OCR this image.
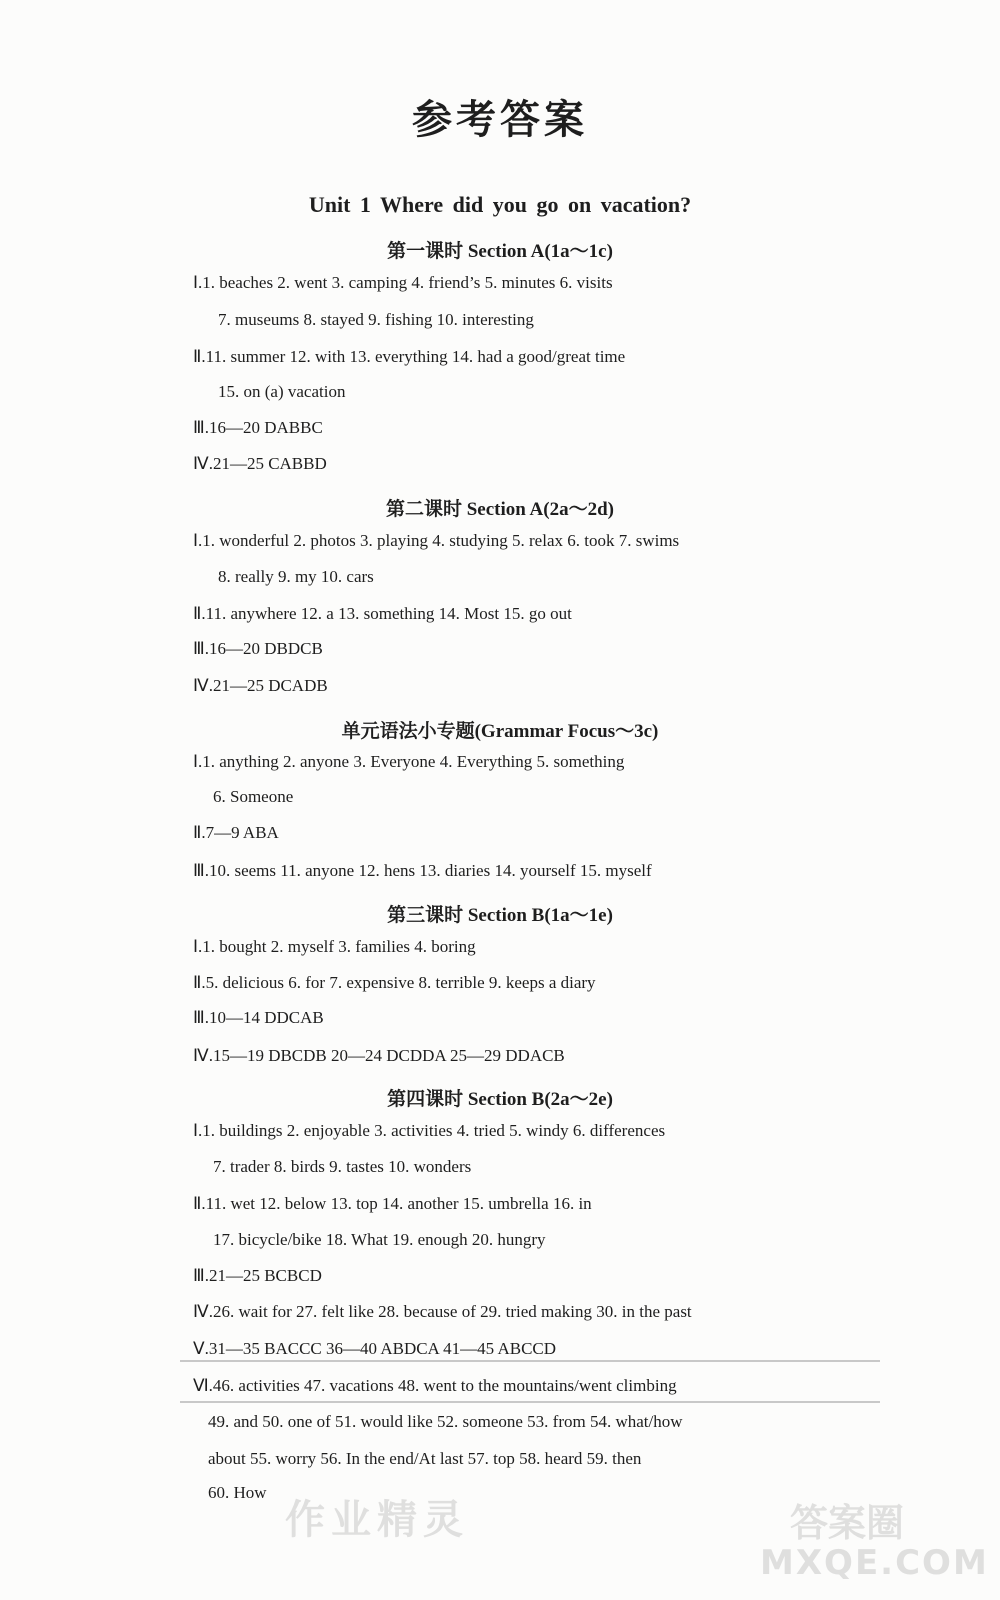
参考答案
Unit 1 Where did you go on vacation?
第一课时 Section A(1a～1c)
Ⅰ.1. beaches 2. went 3. camping 4. friend’s 5. minutes 6. visits
7. museums 8. stayed 9. fishing 10. interesting
Ⅱ.11. summer 12. with 13. everything 14. had a good/great time
15. on (a) vacation
Ⅲ.16—20 DABBC
Ⅳ.21—25 CABBD
第二课时 Section A(2a～2d)
Ⅰ.1. wonderful 2. photos 3. playing 4. studying 5. relax 6. took 7. swims
8. really 9. my 10. cars
Ⅱ.11. anywhere 12. a 13. something 14. Most 15. go out
Ⅲ.16—20 DBDCB
Ⅳ.21—25 DCADB
单元语法小专题(Grammar Focus～3c)
Ⅰ.1. anything 2. anyone 3. Everyone 4. Everything 5. something
6. Someone
Ⅱ.7—9 ABA
Ⅲ.10. seems 11. anyone 12. hens 13. diaries 14. yourself 15. myself
第三课时 Section B(1a～1e)
Ⅰ.1. bought 2. myself 3. families 4. boring
Ⅱ.5. delicious 6. for 7. expensive 8. terrible 9. keeps a diary
Ⅲ.10—14 DDCAB
Ⅳ.15—19 DBCDB 20—24 DCDDA 25—29 DDACB
第四课时 Section B(2a～2e)
Ⅰ.1. buildings 2. enjoyable 3. activities 4. tried 5. windy 6. differences
7. trader 8. birds 9. tastes 10. wonders
Ⅱ.11. wet 12. below 13. top 14. another 15. umbrella 16. in
17. bicycle/bike 18. What 19. enough 20. hungry
Ⅲ.21—25 BCBCD
Ⅳ.26. wait for 27. felt like 28. because of 29. tried making 30. in the past
Ⅴ.31—35 BACCC 36—40 ABDCA 41—45 ABCCD
Ⅵ.46. activities 47. vacations 48. went to the mountains/went climbing
49. and 50. one of 51. would like 52. someone 53. from 54. what/how
about 55. worry 56. In the end/At last 57. top 58. heard 59. then
60. How
作业精灵	答案圈
MXQE.COM
